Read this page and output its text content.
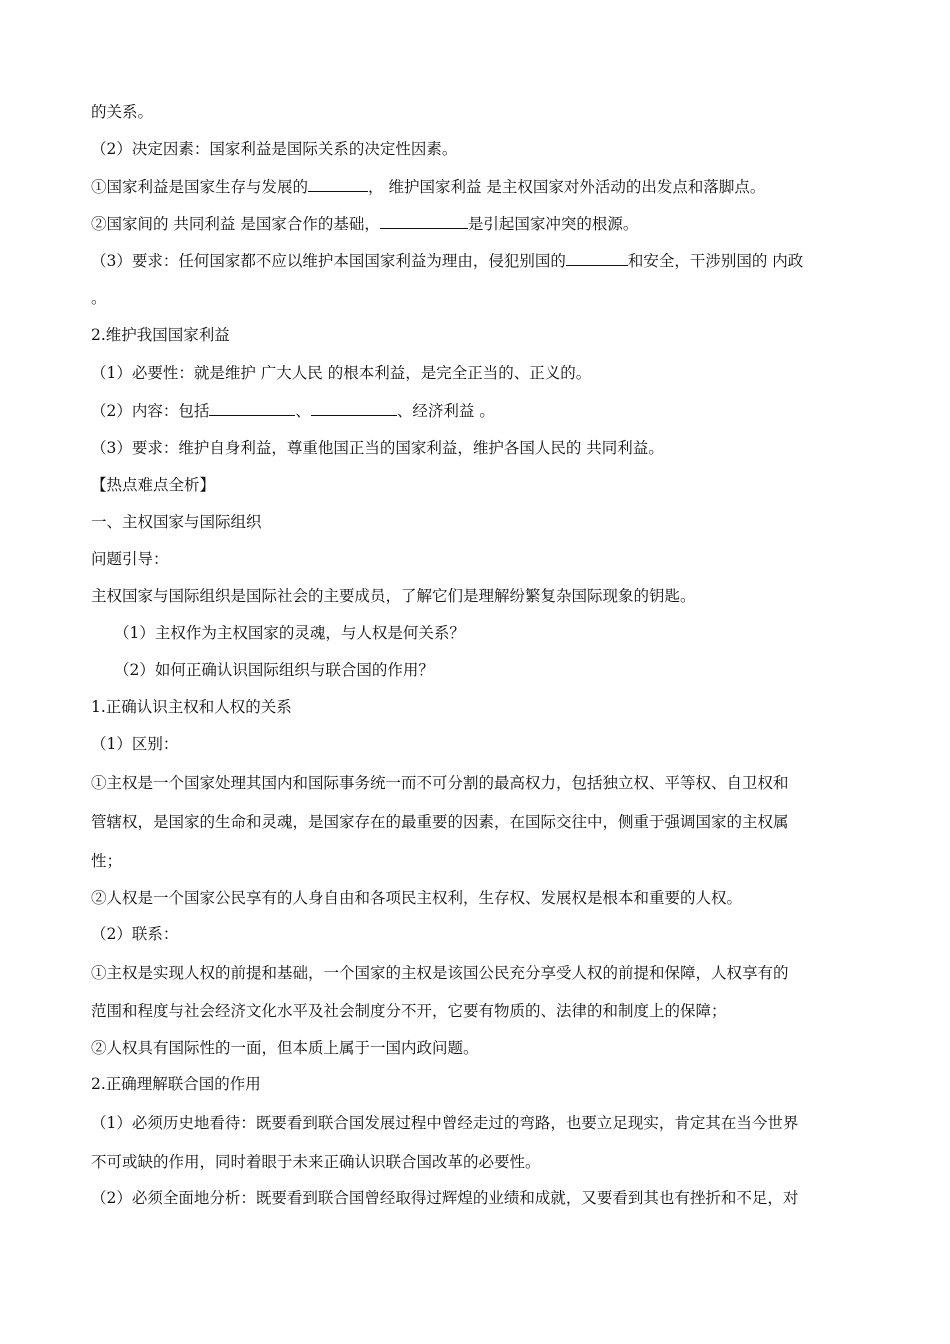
的关系。
（2）决定因素：国家利益是国际关系的决定性因素。
①国家利益是国家生存与发展的	， 维护国家利益 是主权国家对外活动的出发点和落脚点。
②国家间的 共同利益 是国家合作的基础，	是引起国家冲突的根源。
（3）要求：任何国家都不应以维护本国国家利益为理由，侵犯别国的	和安全，干涉别国的 内政
。
2.维护我国国家利益
（1）必要性：就是维护 广大人民 的根本利益，是完全正当的、正义的。
（2）内容：包括	、	、经济利益 。
（3）要求：维护自身利益，尊重他国正当的国家利益，维护各国人民的 共同利益。
【热点难点全析】
一、主权国家与国际组织
问题引导：
主权国家与国际组织是国际社会的主要成员，了解它们是理解纷繁复杂国际现象的钥匙。
（1）主权作为主权国家的灵魂，与人权是何关系？
（2）如何正确认识国际组织与联合国的作用？
1.正确认识主权和人权的关系
（1）区别：
①主权是一个国家处理其国内和国际事务统一而不可分割的最高权力，包括独立权、平等权、自卫权和
管辖权，是国家的生命和灵魂，是国家存在的最重要的因素，在国际交往中，侧重于强调国家的主权属
性；
②人权是一个国家公民享有的人身自由和各项民主权利，生存权、发展权是根本和重要的人权。
（2）联系：
①主权是实现人权的前提和基础，一个国家的主权是该国公民充分享受人权的前提和保障，人权享有的
范围和程度与社会经济文化水平及社会制度分不开，它要有物质的、法律的和制度上的保障；
②人权具有国际性的一面，但本质上属于一国内政问题。
2.正确理解联合国的作用
（1）必须历史地看待：既要看到联合国发展过程中曾经走过的弯路，也要立足现实，肯定其在当今世界
不可或缺的作用，同时着眼于未来正确认识联合国改革的必要性。
（2）必须全面地分析：既要看到联合国曾经取得过辉煌的业绩和成就，又要看到其也有挫折和不足，对
